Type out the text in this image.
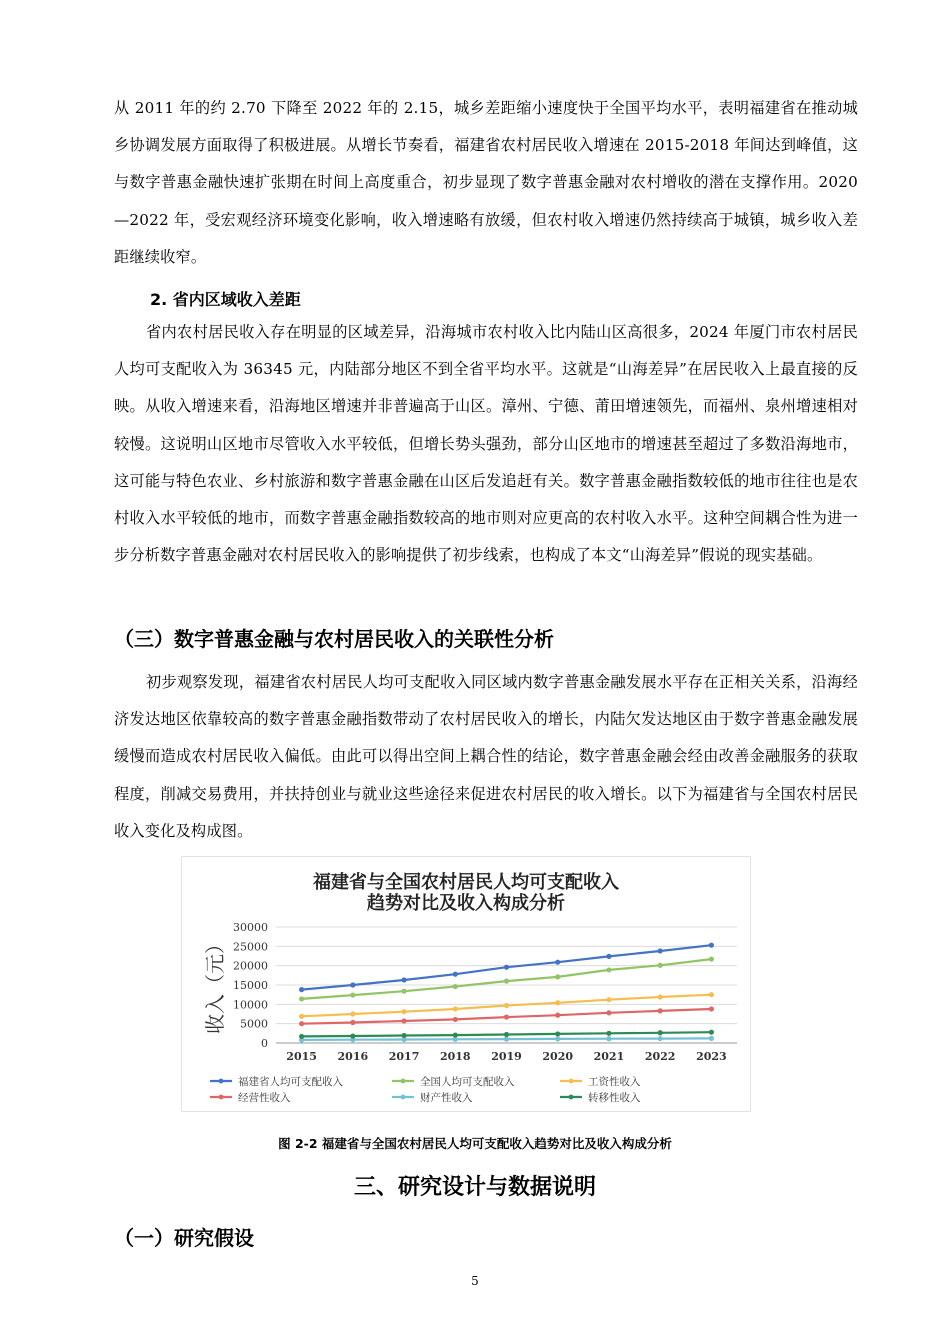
从 2011 年的约 2.70 下降至 2022 年的 2.15，城乡差距缩小速度快于全国平均水平，表明福建省在推动城乡协调发展方面取得了积极进展。从增长节奏看，福建省农村居民收入增速在 2015-2018 年间达到峰值，这与数字普惠金融快速扩张期在时间上高度重合，初步显现了数字普惠金融对农村增收的潜在支撑作用。2020—2022 年，受宏观经济环境变化影响，收入增速略有放缓，但农村收入增速仍然持续高于城镇，城乡收入差距继续收窄。
2. 省内区域收入差距
省内农村居民收入存在明显的区域差异，沿海城市农村收入比内陆山区高很多，2024 年厦门市农村居民人均可支配收入为 36345 元，内陆部分地区不到全省平均水平。这就是“山海差异”在居民收入上最直接的反映。从收入增速来看，沿海地区增速并非普遍高于山区。漳州、宁德、莆田增速领先，而福州、泉州增速相对较慢。这说明山区地市尽管收入水平较低，但增长势头强劲，部分山区地市的增速甚至超过了多数沿海地市，这可能与特色农业、乡村旅游和数字普惠金融在山区后发追赶有关。数字普惠金融指数较低的地市往往也是农村收入水平较低的地市，而数字普惠金融指数较高的地市则对应更高的农村收入水平。这种空间耦合性为进一步分析数字普惠金融对农村居民收入的影响提供了初步线索，也构成了本文“山海差异”假说的现实基础。
（三）数字普惠金融与农村居民收入的关联性分析
初步观察发现，福建省农村居民人均可支配收入同区域内数字普惠金融发展水平存在正相关关系，沿海经济发达地区依靠较高的数字普惠金融指数带动了农村居民收入的增长，内陆欠发达地区由于数字普惠金融发展缓慢而造成农村居民收入偏低。由此可以得出空间上耦合性的结论，数字普惠金融会经由改善金融服务的获取程度，削减交易费用，并扶持创业与就业这些途径来促进农村居民的收入增长。以下为福建省与全国农村居民收入变化及构成图。
福建省与全国农村居民人均可支配收入
趋势对比及收入构成分析
收入（元）
0
5000
10000
15000
20000
25000
30000
2015 2016 2017 2018 2019 2020 2021 2022 2023
福建省人均可支配收入	全国人均可支配收入	工资性收入
经营性收入	财产性收入	转移性收入
图 2-2 福建省与全国农村居民人均可支配收入趋势对比及收入构成分析
三、研究设计与数据说明
（一）研究假设
5
